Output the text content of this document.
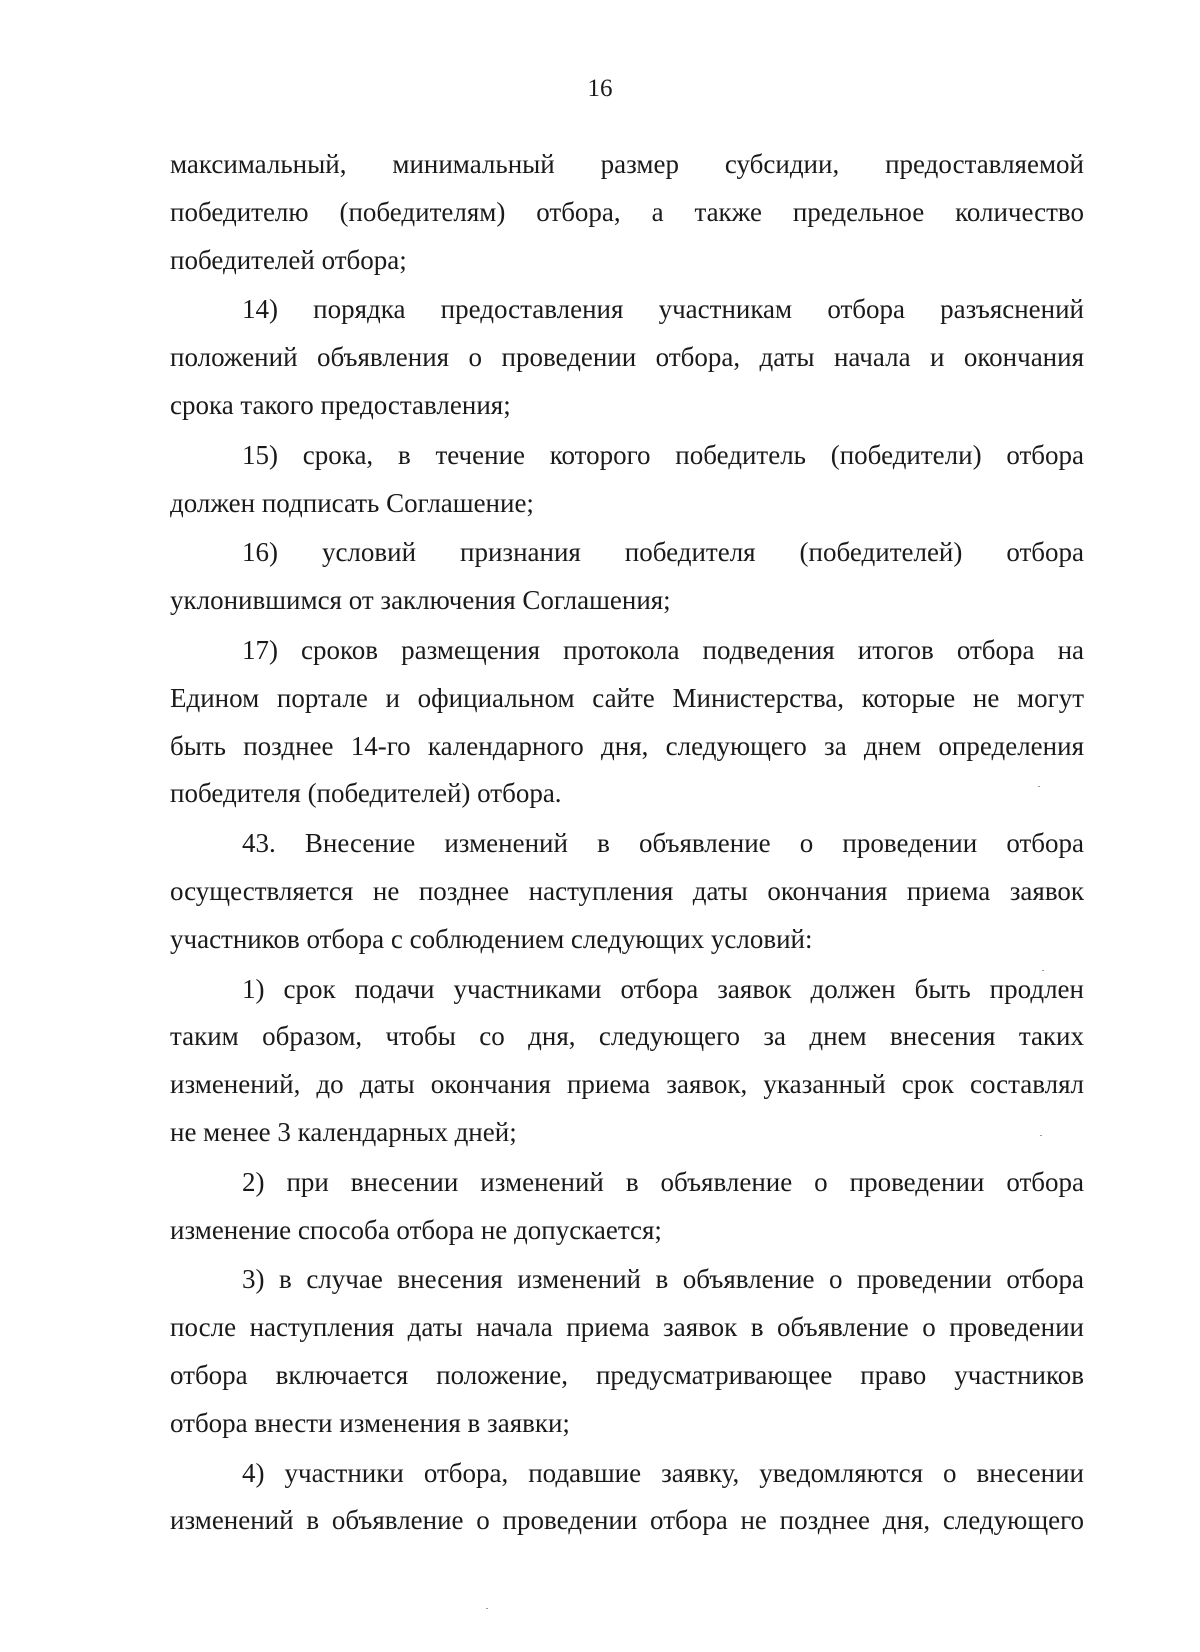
16

максимальный, минимальный размер субсидии, предоставляемой
победителю (победителям) отбора, а также предельное количество
победителей отбора;

14) порядка предоставления участникам отбора разъяснений
положений объявления о проведении отбора, даты начала и окончания
срока такого предоставления;

15) срока, в течение которого победитель (победители) отбора
должен подписать Соглашение;

16) условий признания победителя (победителей) отбора
уклонившимся от заключения Соглашения;

17) сроков размещения протокола подведения итогов отбора на
Едином портале и официальном сайте Министерства, которые не могут
быть позднее 14-го календарного дня, следующего за днем определения
победителя (победителей) отбора.

43. Внесение изменений в объявление о проведении отбора
осуществляется не позднее наступления даты окончания приема заявок
участников отбора с соблюдением следующих условий:

1) срок подачи участниками отбора заявок должен быть продлен
таким образом, чтобы со дня, следующего за днем внесения таких
изменений, до даты окончания приема заявок, указанный срок составлял
не менее 3 календарных дней;

2) при внесении изменений в объявление о проведении отбора
изменение способа отбора не допускается;

3) в случае внесения изменений в объявление о проведении отбора
после наступления даты начала приема заявок в объявление о проведении
отбора включается положение, предусматривающее право участников
отбора внести изменения в заявки;

4) участники отбора, подавшие заявку, уведомляются о внесении
изменений в объявление о проведении отбора не позднее дня, следующего
